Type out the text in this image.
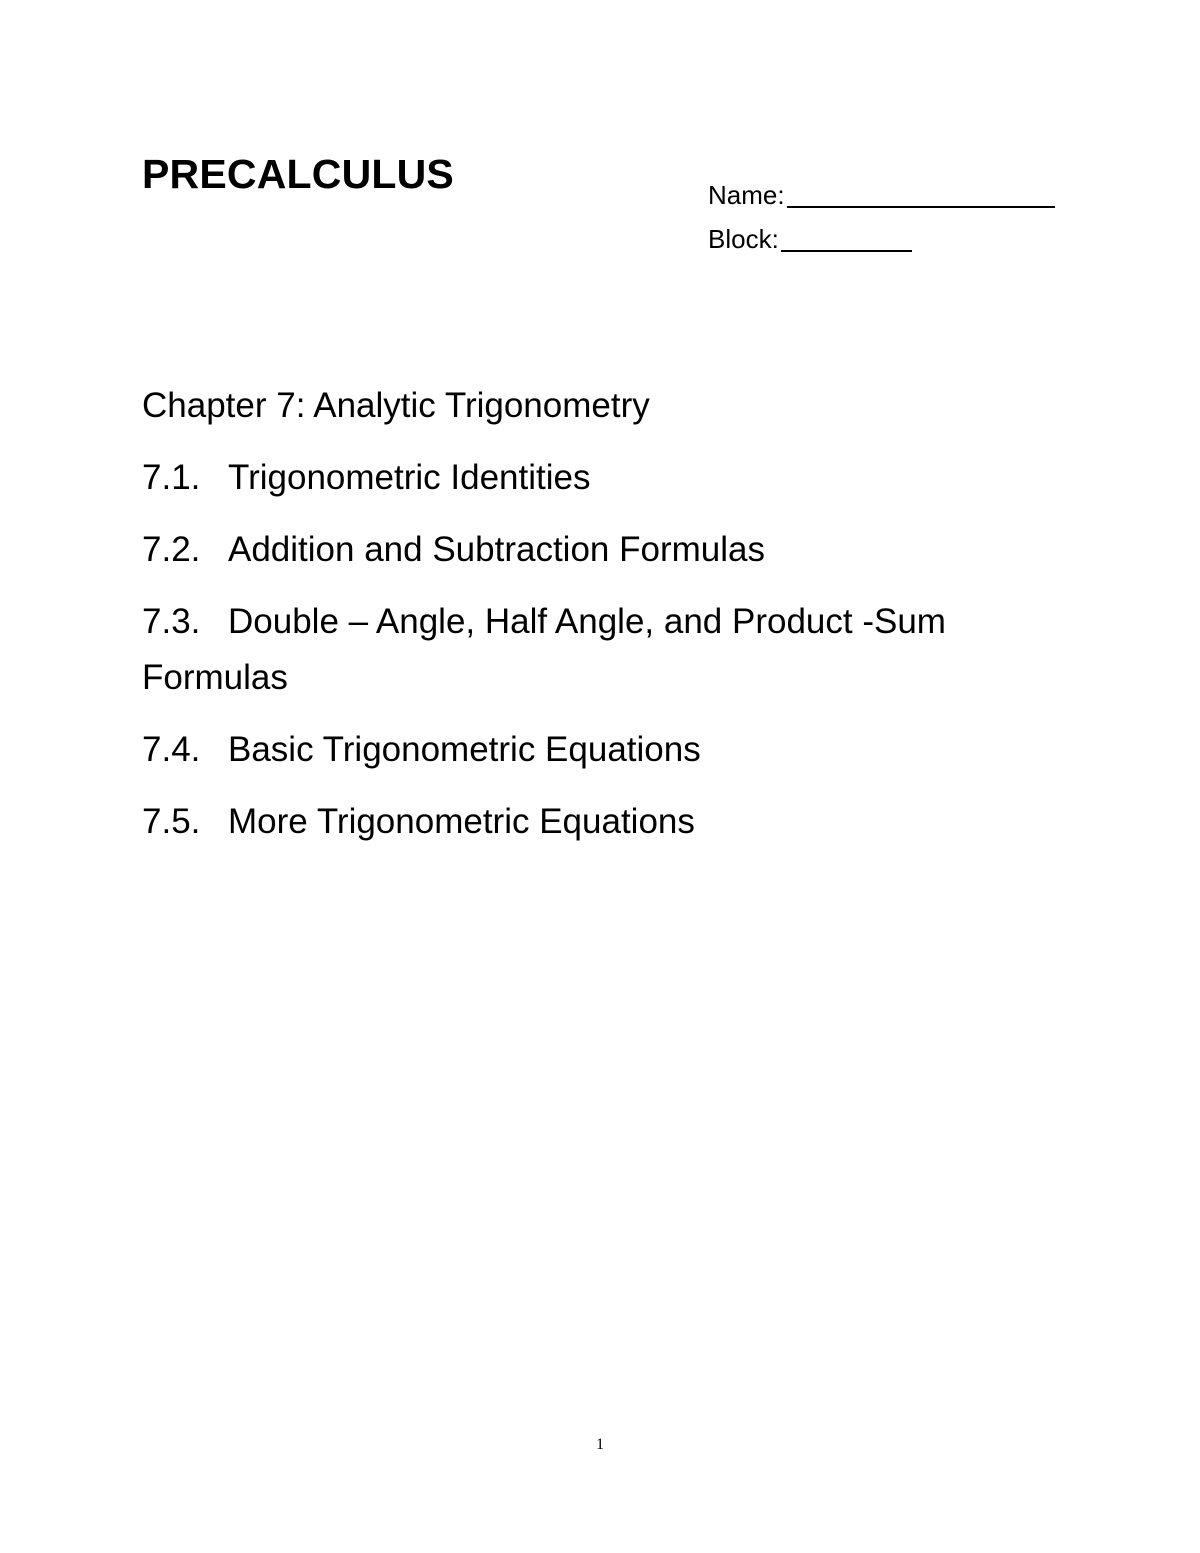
PRECALCULUS	Name:
Block:
Chapter 7: Analytic Trigonometry
7.1. Trigonometric Identities
7.2. Addition and Subtraction Formulas
7.3. Double – Angle, Half Angle, and Product -Sum Formulas
7.4. Basic Trigonometric Equations
7.5. More Trigonometric Equations
1
